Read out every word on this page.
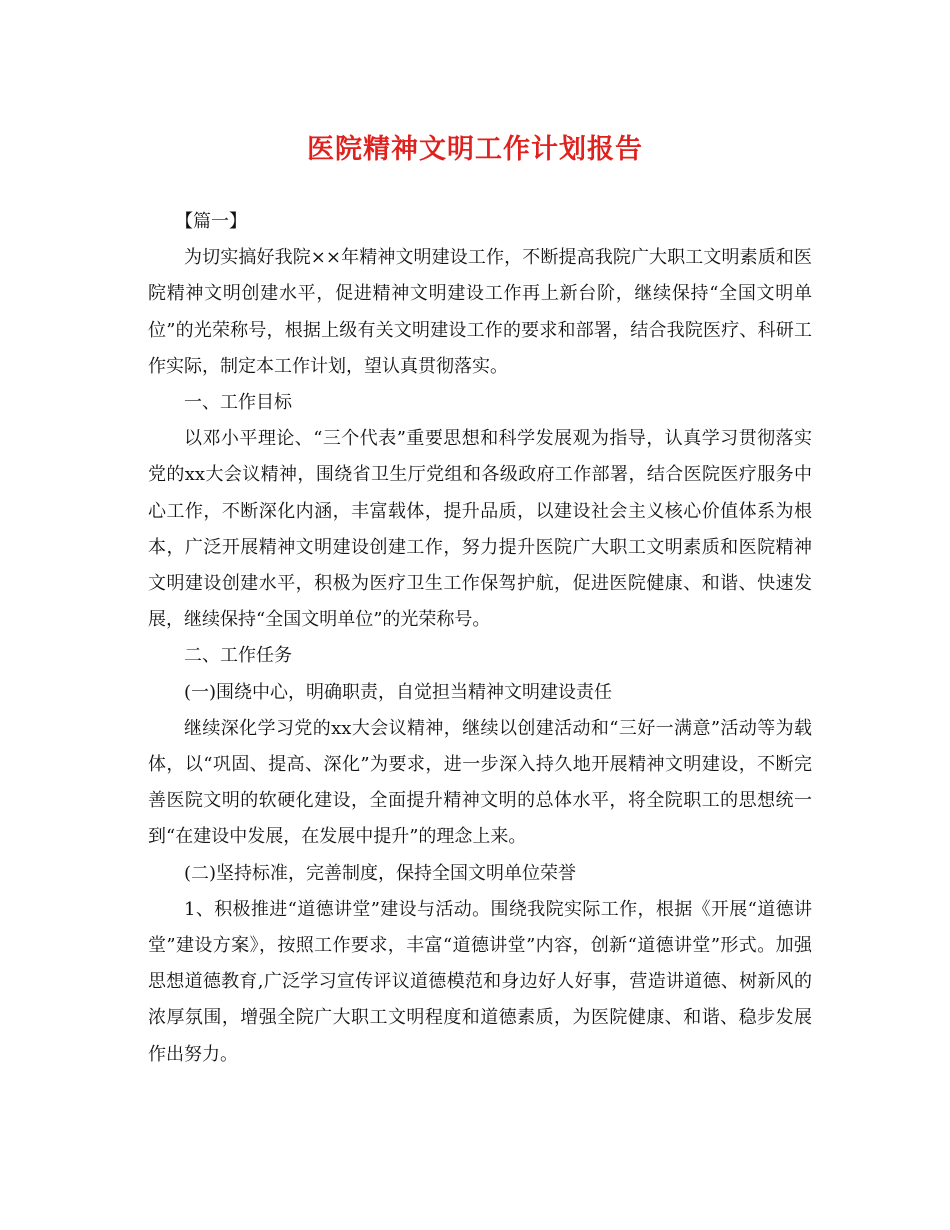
医院精神文明工作计划报告

【篇一】

为切实搞好我院××年精神文明建设工作，不断提高我院广大职工文明素质和医院精神文明创建水平，促进精神文明建设工作再上新台阶，继续保持“全国文明单位”的光荣称号，根据上级有关文明建设工作的要求和部署，结合我院医疗、科研工作实际，制定本工作计划，望认真贯彻落实。

一、工作目标

以邓小平理论、“三个代表”重要思想和科学发展观为指导，认真学习贯彻落实党的xx大会议精神，围绕省卫生厅党组和各级政府工作部署，结合医院医疗服务中心工作，不断深化内涵，丰富载体，提升品质，以建设社会主义核心价值体系为根本，广泛开展精神文明建设创建工作，努力提升医院广大职工文明素质和医院精神文明建设创建水平，积极为医疗卫生工作保驾护航，促进医院健康、和谐、快速发展，继续保持“全国文明单位”的光荣称号。

二、工作任务

(一)围绕中心，明确职责，自觉担当精神文明建设责任

继续深化学习党的xx大会议精神，继续以创建活动和“三好一满意”活动等为载体，以“巩固、提高、深化”为要求，进一步深入持久地开展精神文明建设，不断完善医院文明的软硬化建设，全面提升精神文明的总体水平，将全院职工的思想统一到“在建设中发展，在发展中提升”的理念上来。

(二)坚持标准，完善制度，保持全国文明单位荣誉

1、积极推进“道德讲堂”建设与活动。围绕我院实际工作，根据《开展“道德讲堂”建设方案》，按照工作要求，丰富“道德讲堂”内容，创新“道德讲堂”形式。加强思想道德教育,广泛学习宣传评议道德模范和身边好人好事，营造讲道德、树新风的浓厚氛围，增强全院广大职工文明程度和道德素质，为医院健康、和谐、稳步发展作出努力。
